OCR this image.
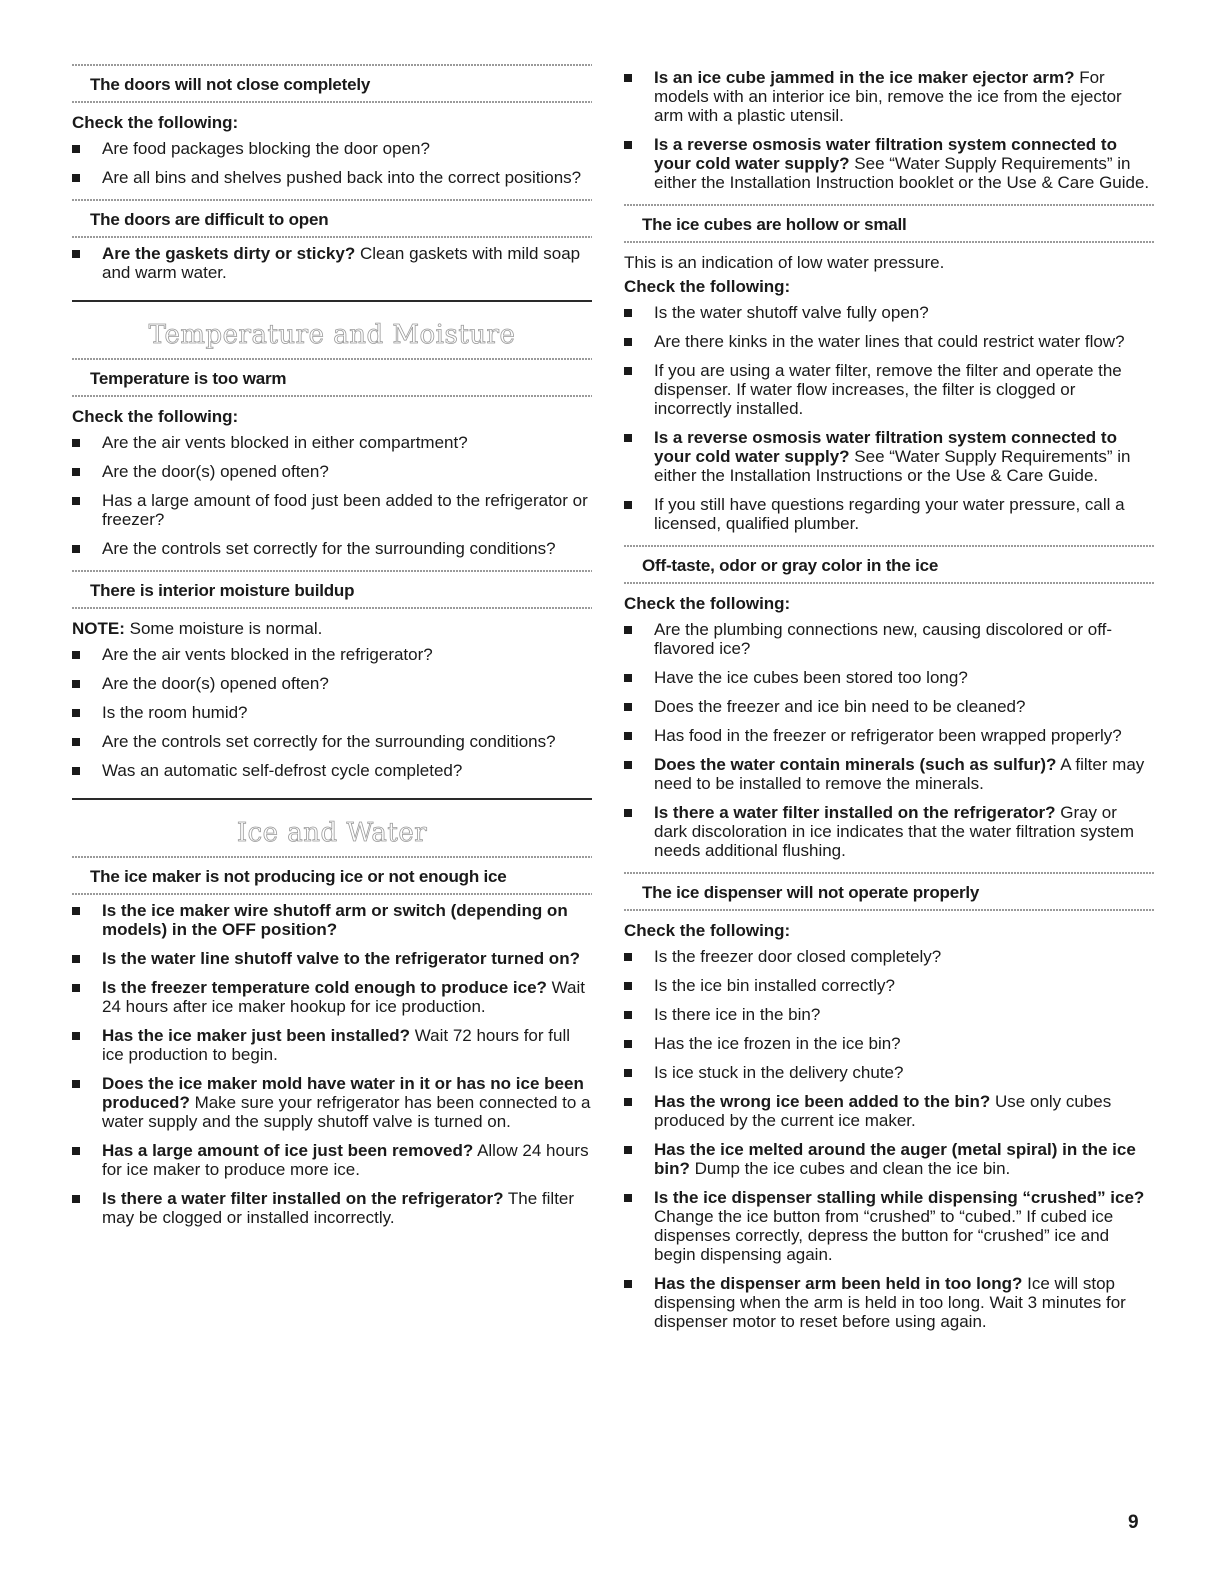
The doors will not close completely
Check the following:
Are food packages blocking the door open?
Are all bins and shelves pushed back into the correct positions?
The doors are difficult to open
Are the gaskets dirty or sticky? Clean gaskets with mild soap and warm water.
Temperature and Moisture
Temperature is too warm
Check the following:
Are the air vents blocked in either compartment?
Are the door(s) opened often?
Has a large amount of food just been added to the refrigerator or freezer?
Are the controls set correctly for the surrounding conditions?
There is interior moisture buildup
NOTE: Some moisture is normal.
Are the air vents blocked in the refrigerator?
Are the door(s) opened often?
Is the room humid?
Are the controls set correctly for the surrounding conditions?
Was an automatic self-defrost cycle completed?
Ice and Water
The ice maker is not producing ice or not enough ice
Is the ice maker wire shutoff arm or switch (depending on models) in the OFF position?
Is the water line shutoff valve to the refrigerator turned on?
Is the freezer temperature cold enough to produce ice? Wait 24 hours after ice maker hookup for ice production.
Has the ice maker just been installed? Wait 72 hours for full ice production to begin.
Does the ice maker mold have water in it or has no ice been produced? Make sure your refrigerator has been connected to a water supply and the supply shutoff valve is turned on.
Has a large amount of ice just been removed? Allow 24 hours for ice maker to produce more ice.
Is there a water filter installed on the refrigerator? The filter may be clogged or installed incorrectly.
Is an ice cube jammed in the ice maker ejector arm? For models with an interior ice bin, remove the ice from the ejector arm with a plastic utensil.
Is a reverse osmosis water filtration system connected to your cold water supply? See “Water Supply Requirements” in either the Installation Instruction booklet or the Use & Care Guide.
The ice cubes are hollow or small
This is an indication of low water pressure.
Check the following:
Is the water shutoff valve fully open?
Are there kinks in the water lines that could restrict water flow?
If you are using a water filter, remove the filter and operate the dispenser. If water flow increases, the filter is clogged or incorrectly installed.
Is a reverse osmosis water filtration system connected to your cold water supply? See “Water Supply Requirements” in either the Installation Instructions or the Use & Care Guide.
If you still have questions regarding your water pressure, call a licensed, qualified plumber.
Off-taste, odor or gray color in the ice
Check the following:
Are the plumbing connections new, causing discolored or off-flavored ice?
Have the ice cubes been stored too long?
Does the freezer and ice bin need to be cleaned?
Has food in the freezer or refrigerator been wrapped properly?
Does the water contain minerals (such as sulfur)? A filter may need to be installed to remove the minerals.
Is there a water filter installed on the refrigerator? Gray or dark discoloration in ice indicates that the water filtration system needs additional flushing.
The ice dispenser will not operate properly
Check the following:
Is the freezer door closed completely?
Is the ice bin installed correctly?
Is there ice in the bin?
Has the ice frozen in the ice bin?
Is ice stuck in the delivery chute?
Has the wrong ice been added to the bin? Use only cubes produced by the current ice maker.
Has the ice melted around the auger (metal spiral) in the ice bin? Dump the ice cubes and clean the ice bin.
Is the ice dispenser stalling while dispensing “crushed” ice? Change the ice button from “crushed” to “cubed.” If cubed ice dispenses correctly, depress the button for “crushed” ice and begin dispensing again.
Has the dispenser arm been held in too long? Ice will stop dispensing when the arm is held in too long. Wait 3 minutes for dispenser motor to reset before using again.
9
